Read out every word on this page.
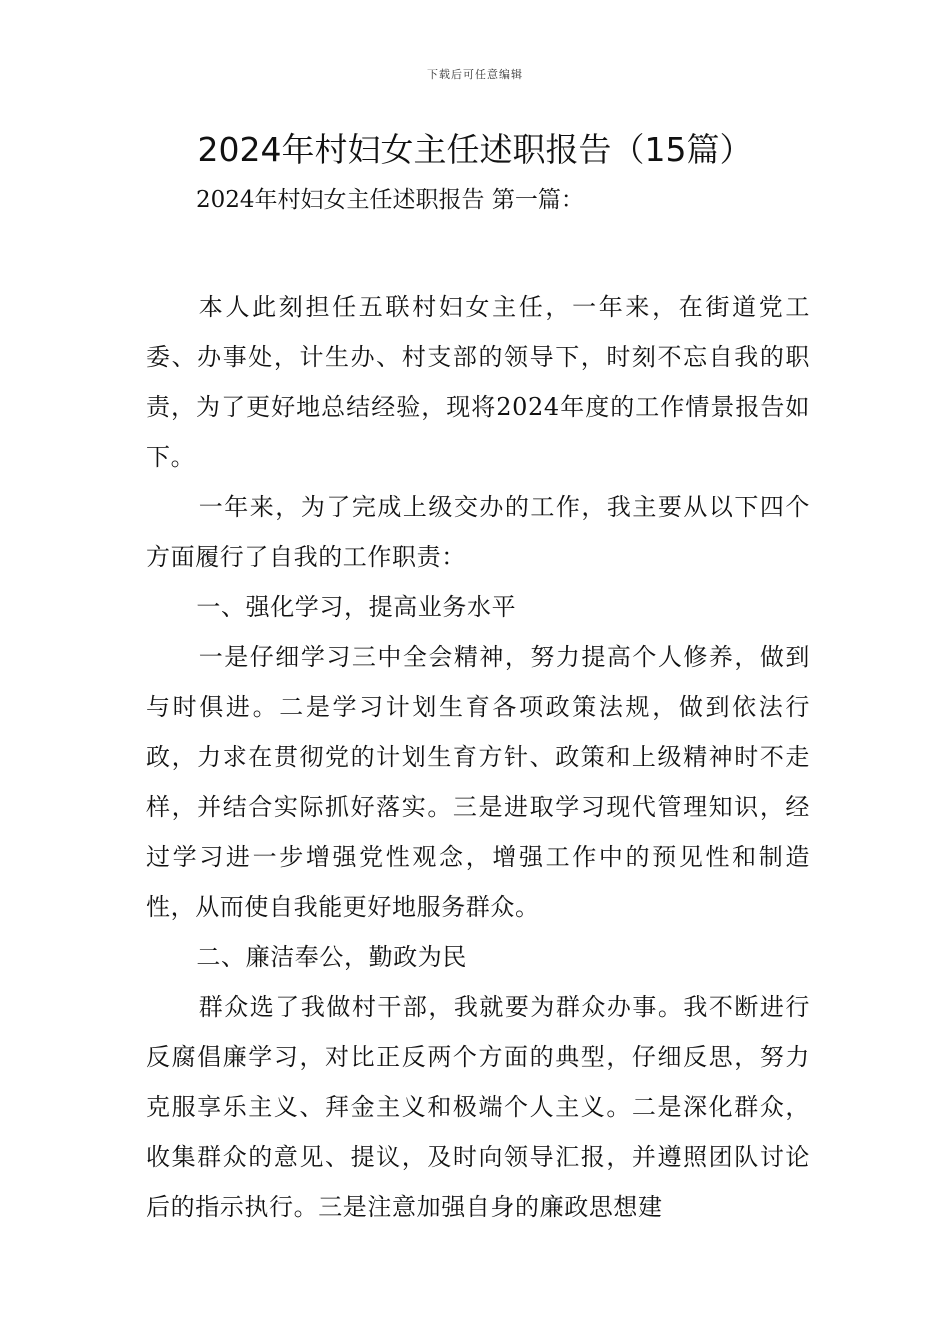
下载后可任意编辑
2024年村妇女主任述职报告（15篇）
2024年村妇女主任述职报告 第一篇：

本人此刻担任五联村妇女主任，一年来，在街道党工委、办事处，计生办、村支部的领导下，时刻不忘自我的职责，为了更好地总结经验，现将2024年度的工作情景报告如下。

一年来，为了完成上级交办的工作，我主要从以下四个方面履行了自我的工作职责：

一、强化学习，提高业务水平

一是仔细学习三中全会精神，努力提高个人修养，做到与时俱进。二是学习计划生育各项政策法规，做到依法行政，力求在贯彻党的计划生育方针、政策和上级精神时不走样，并结合实际抓好落实。三是进取学习现代管理知识，经过学习进一步增强党性观念，增强工作中的预见性和制造性，从而使自我能更好地服务群众。

二、廉洁奉公，勤政为民

群众选了我做村干部，我就要为群众办事。我不断进行反腐倡廉学习，对比正反两个方面的典型，仔细反思，努力克服享乐主义、拜金主义和极端个人主义。二是深化群众，收集群众的意见、提议，及时向领导汇报，并遵照团队讨论后的指示执行。三是注意加强自身的廉政思想建
